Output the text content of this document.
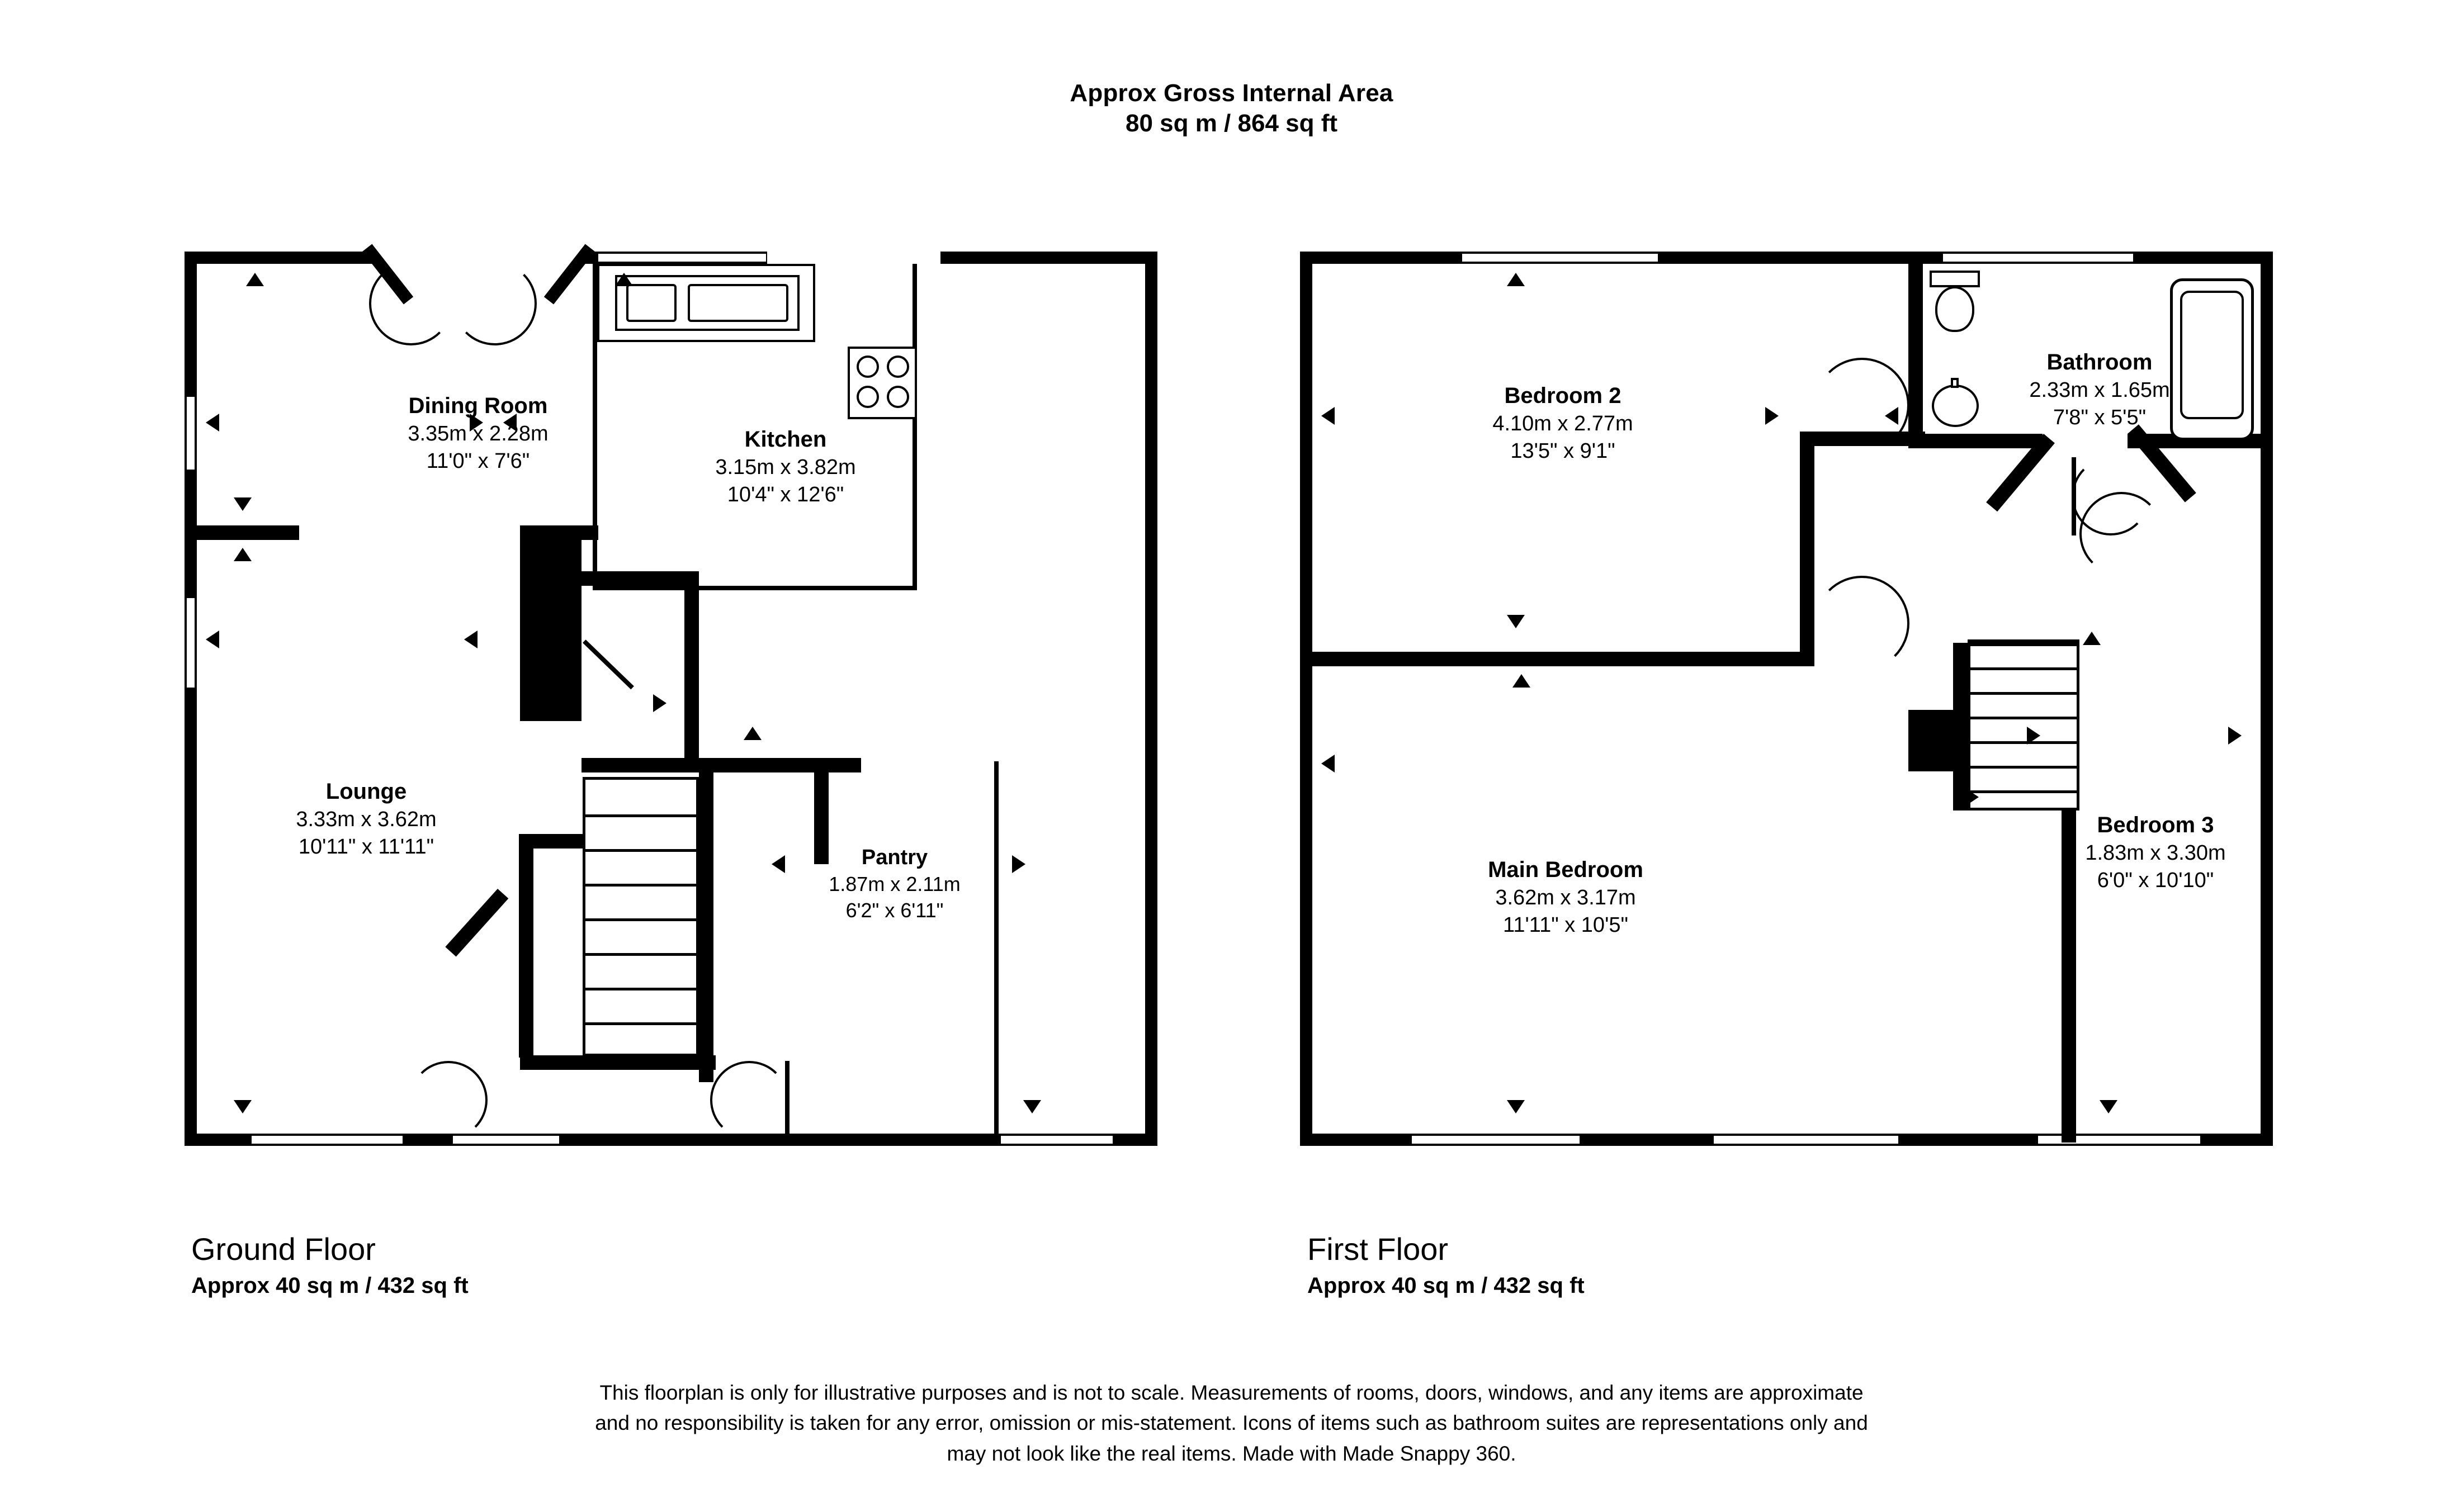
Approx Gross Internal Area
80 sq m / 864 sq ft
Dining Room
3.35m x 2.28m
11'0" x 7'6"
Kitchen
3.15m x 3.82m
10'4" x 12'6"
Lounge
3.33m x 3.62m
10'11" x 11'11"	Pantry
1.87m x 2.11m
6'2" x 6'11"
Bedroom 2
4.10m x 2.77m
13'5" x 9'1"
Bathroom
2.33m x 1.65m
7'8" x 5'5"
Main Bedroom
3.62m x 3.17m
11'11" x 10'5"
Bedroom 3
1.83m x 3.30m
6'0" x 10'10"
Ground Floor
Approx 40 sq m / 432 sq ft
First Floor
Approx 40 sq m / 432 sq ft
This floorplan is only for illustrative purposes and is not to scale. Measurements of rooms, doors, windows, and any items are approximate
and no responsibility is taken for any error, omission or mis-statement. Icons of items such as bathroom suites are representations only and
may not look like the real items. Made with Made Snappy 360.
